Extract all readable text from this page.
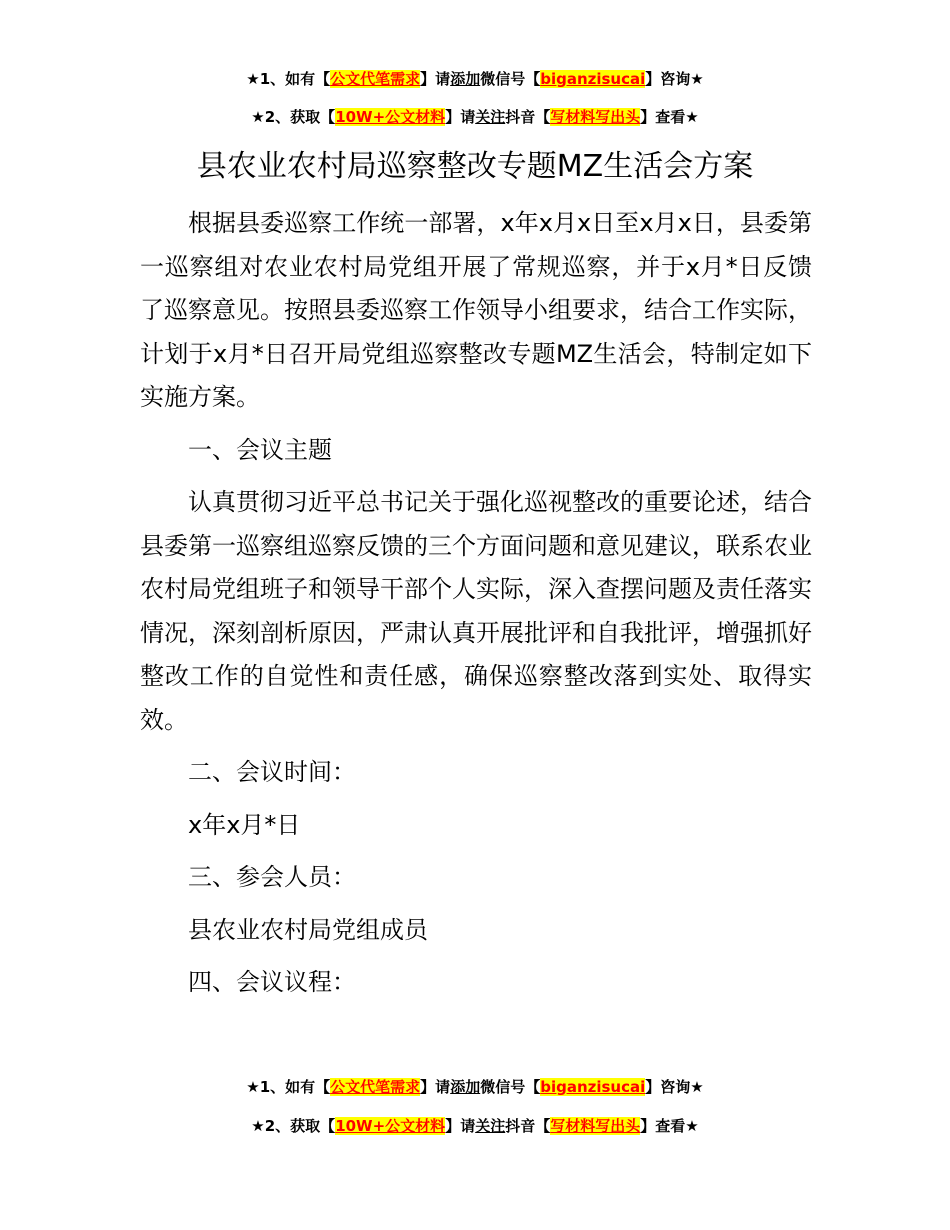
★1、如有【公文代笔需求】请添加微信号【biganzisucai】咨询★
★2、获取【10W+公文材料】请关注抖音【写材料写出头】查看★
县农业农村局巡察整改专题MZ生活会方案

根据县委巡察工作统一部署，x年x月x日至x月x日，县委第一巡察组对农业农村局党组开展了常规巡察，并于x月*日反馈了巡察意见。按照县委巡察工作领导小组要求，结合工作实际，计划于x月*日召开局党组巡察整改专题MZ生活会，特制定如下实施方案。

一、会议主题

认真贯彻习近平总书记关于强化巡视整改的重要论述，结合县委第一巡察组巡察反馈的三个方面问题和意见建议，联系农业农村局党组班子和领导干部个人实际，深入查摆问题及责任落实情况，深刻剖析原因，严肃认真开展批评和自我批评，增强抓好整改工作的自觉性和责任感，确保巡察整改落到实处、取得实效。

二、会议时间：

x年x月*日

三、参会人员：

县农业农村局党组成员

四、会议议程：

★1、如有【公文代笔需求】请添加微信号【biganzisucai】咨询★
★2、获取【10W+公文材料】请关注抖音【写材料写出头】查看★
